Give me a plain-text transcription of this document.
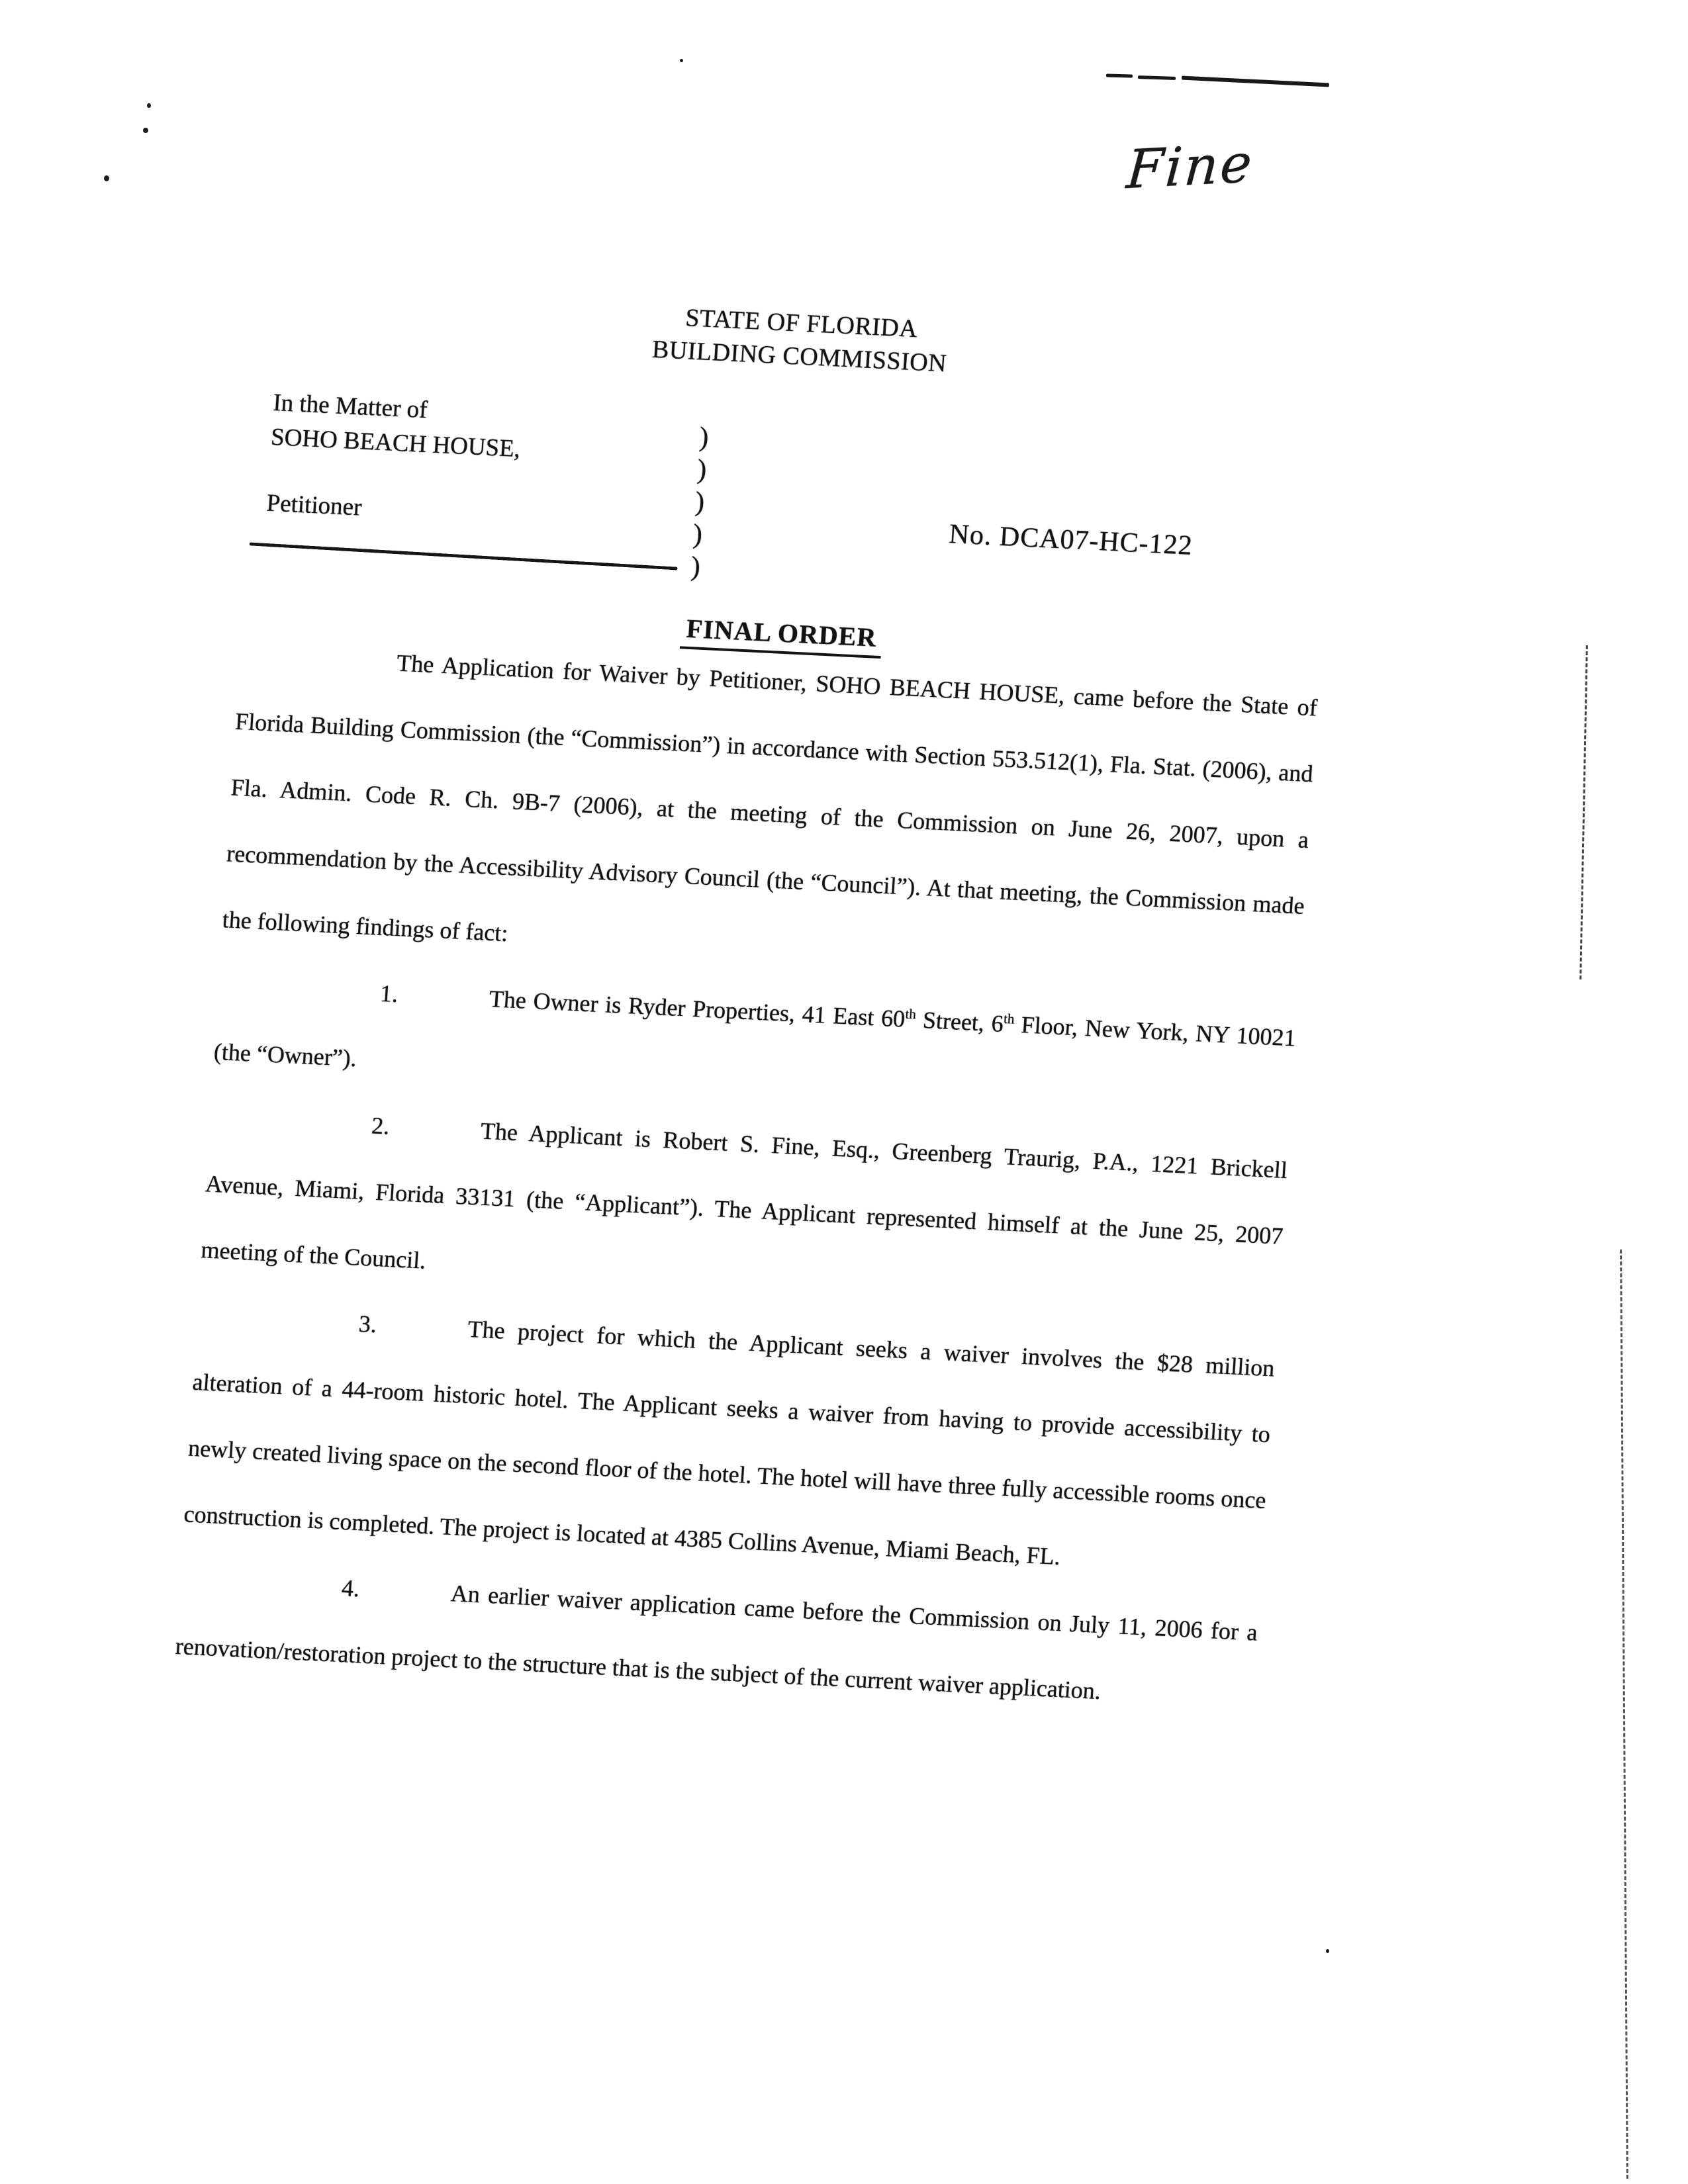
Fine
STATE OF FLORIDA
BUILDING COMMISSION
In the Matter of
SOHO BEACH HOUSE,
Petitioner
)
)
)
)
)
No. DCA07-HC-122
FINAL ORDER

The Application for Waiver by Petitioner, SOHO BEACH HOUSE, came before the State of Florida Building Commission (the “Commission”) in accordance with Section 553.512(1), Fla. Stat. (2006), and Fla. Admin. Code R. Ch. 9B-7 (2006), at the meeting of the Commission on June 26, 2007, upon a recommendation by the Accessibility Advisory Council (the “Council”). At that meeting, the Commission made the following findings of fact:

1.	The Owner is Ryder Properties, 41 East 60th Street, 6th Floor, New York, NY 10021 (the “Owner”).

2.	The Applicant is Robert S. Fine, Esq., Greenberg Traurig, P.A., 1221 Brickell Avenue, Miami, Florida 33131 (the “Applicant”). The Applicant represented himself at the June 25, 2007 meeting of the Council.

3.	The project for which the Applicant seeks a waiver involves the $28 million alteration of a 44-room historic hotel. The Applicant seeks a waiver from having to provide accessibility to newly created living space on the second floor of the hotel. The hotel will have three fully accessible rooms once construction is completed. The project is located at 4385 Collins Avenue, Miami Beach, FL.

4.	An earlier waiver application came before the Commission on July 11, 2006 for a renovation/restoration project to the structure that is the subject of the current waiver application.
